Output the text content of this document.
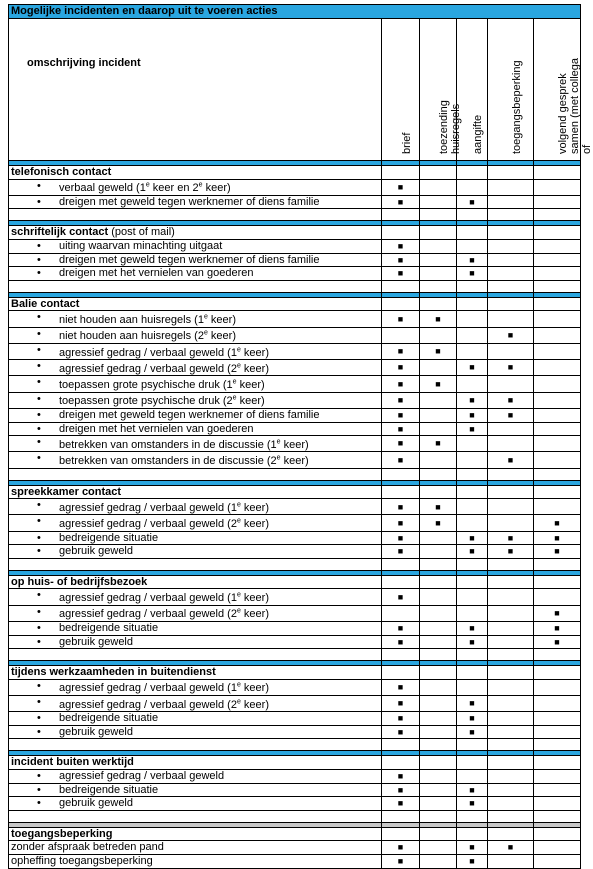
Mogelijke incidenten en daarop uit te voeren acties					
omschrijving incident	brief	toezending huisregels	aangifte	toegangsbeperking	volgend gesprek samen (met collega of

telefonisch contact					

• verbaal geweld (1e keer en 2e keer)	■				

• dreigen met geweld tegen werknemer of diens familie	■		■		

schriftelijk contact (post of mail)					

• uiting waarvan minachting uitgaat	■				

• dreigen met geweld tegen werknemer of diens familie	■		■		

• dreigen met het vernielen van goederen	■		■		

Balie contact					

• niet houden aan huisregels (1e keer)	■	■			

• niet houden aan huisregels (2e keer)				■	

• agressief gedrag / verbaal geweld (1e keer)	■	■			

• agressief gedrag / verbaal geweld (2e keer)	■		■	■	

• toepassen grote psychische druk (1e keer)	■	■			

• toepassen grote psychische druk (2e keer)	■		■	■	

• dreigen met geweld tegen werknemer of diens familie	■		■	■	

• dreigen met het vernielen van goederen	■		■		

• betrekken van omstanders in de discussie (1e keer)	■	■			

• betrekken van omstanders in de discussie (2e keer)	■			■	

spreekkamer contact					

• agressief gedrag / verbaal geweld (1e keer)	■	■			

• agressief gedrag / verbaal geweld (2e keer)	■	■			■

• bedreigende situatie	■		■	■	■

• gebruik geweld	■		■	■	■

op huis- of bedrijfsbezoek					

• agressief gedrag / verbaal geweld (1e keer)	■				

• agressief gedrag / verbaal geweld (2e keer)					■

• bedreigende situatie	■		■		■

• gebruik geweld	■		■		■

tijdens werkzaamheden in buitendienst					

• agressief gedrag / verbaal geweld (1e keer)	■				

• agressief gedrag / verbaal geweld (2e keer)	■		■		

• bedreigende situatie	■		■		

• gebruik geweld	■		■		

incident buiten werktijd					

• agressief gedrag / verbaal geweld	■				

• bedreigende situatie	■		■		

• gebruik geweld	■		■		

toegangsbeperking					
zonder afspraak betreden pand	■		■	■	
opheffing toegangsbeperking	■		■		
